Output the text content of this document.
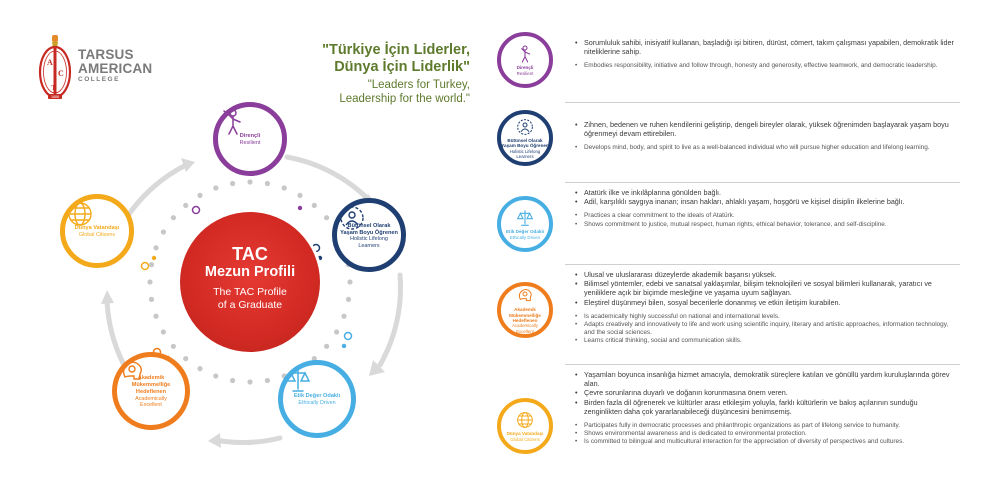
A
C
T
1888
TARSUS
AMERICAN
COLLEGE
"Türkiye İçin Liderler,
Dünya İçin Liderlik"
"Leaders for Turkey,
Leadership for the world."
Dirençli
Resilient
Bütünsel Olarak
Yaşam Boyu Öğrenen
Holistic Lifelong
Learners
Etik Değer Odaklı
Ethically Driven
Akademik
Mükemmelliğe
Hedeflenen
Academically
Excellent
Dünya Vatandaşı
Global Citizens
TAC
Mezun Profili
The TAC Profile
of a Graduate
Dirençli
Resilient
• Sorumluluk sahibi, inisiyatif kullanan, başladığı işi bitiren, dürüst, cömert, takım çalışması yapabilen, demokratik lider niteliklerine sahip.
• Embodies responsibility, initiative and follow through, honesty and generosity, effective teamwork, and democratic leadership.
Bütünsel Olarak
Yaşam Boyu Öğrenen
Holistic Lifelong
Learners
• Zihnen, bedenen ve ruhen kendilerini geliştirip, dengeli bireyler olarak, yüksek öğrenimden başlayarak yaşam boyu öğrenmeyi devam ettirebilen.
• Develops mind, body, and spirit to live as a well-balanced individual who will pursue higher education and lifelong learning.
Etik Değer Odaklı
Ethically Driven
• Atatürk ilke ve inkılâplarına gönülden bağlı.
• Adil, karşılıklı saygıya inanan; insan hakları, ahlaklı yaşam, hoşgörü ve kişisel disiplin ilkelerine bağlı.
• Practices a clear commitment to the ideals of Atatürk.
• Shows commitment to justice, mutual respect, human rights, ethical behavior, tolerance, and self-discipline.
Akademik
Mükemmelliğe
Hedeflenen
Academically
Excellent
• Ulusal ve uluslararası düzeylerde akademik başarısı yüksek.
• Bilimsel yöntemler, edebi ve sanatsal yaklaşımlar, bilişim teknolojileri ve sosyal bilimleri kullanarak, yaratıcı ve yeniliklere açık bir biçimde mesleğine ve yaşama uyum sağlayan.
• Eleştirel düşünmeyi bilen, sosyal becerilerle donanmış ve etkin iletişim kurabilen.
• Is academically highly successful on national and international levels.
• Adapts creatively and innovatively to life and work using scientific inquiry, literary and artistic approaches, information technology, and the social sciences.
• Learns critical thinking, social and communication skills.
Dünya Vatandaşı
Global Citizens
• Yaşamları boyunca insanlığa hizmet amacıyla, demokratik süreçlere katılan ve gönüllü yardım kuruluşlarında görev alan.
• Çevre sorunlarına duyarlı ve doğanın korunmasına önem veren.
• Birden fazla dil öğrenerek ve kültürler arası etkileşim yoluyla, farklı kültürlerin ve bakış açılarının sunduğu zenginlikten daha çok yararlanabileceği düşüncesini benimsemiş.
• Participates fully in democratic processes and philanthropic organizations as part of lifelong service to humanity.
• Shows environmental awareness and is dedicated to environmental protection.
• Is committed to bilingual and multicultural interaction for the appreciation of diversity of perspectives and cultures.
